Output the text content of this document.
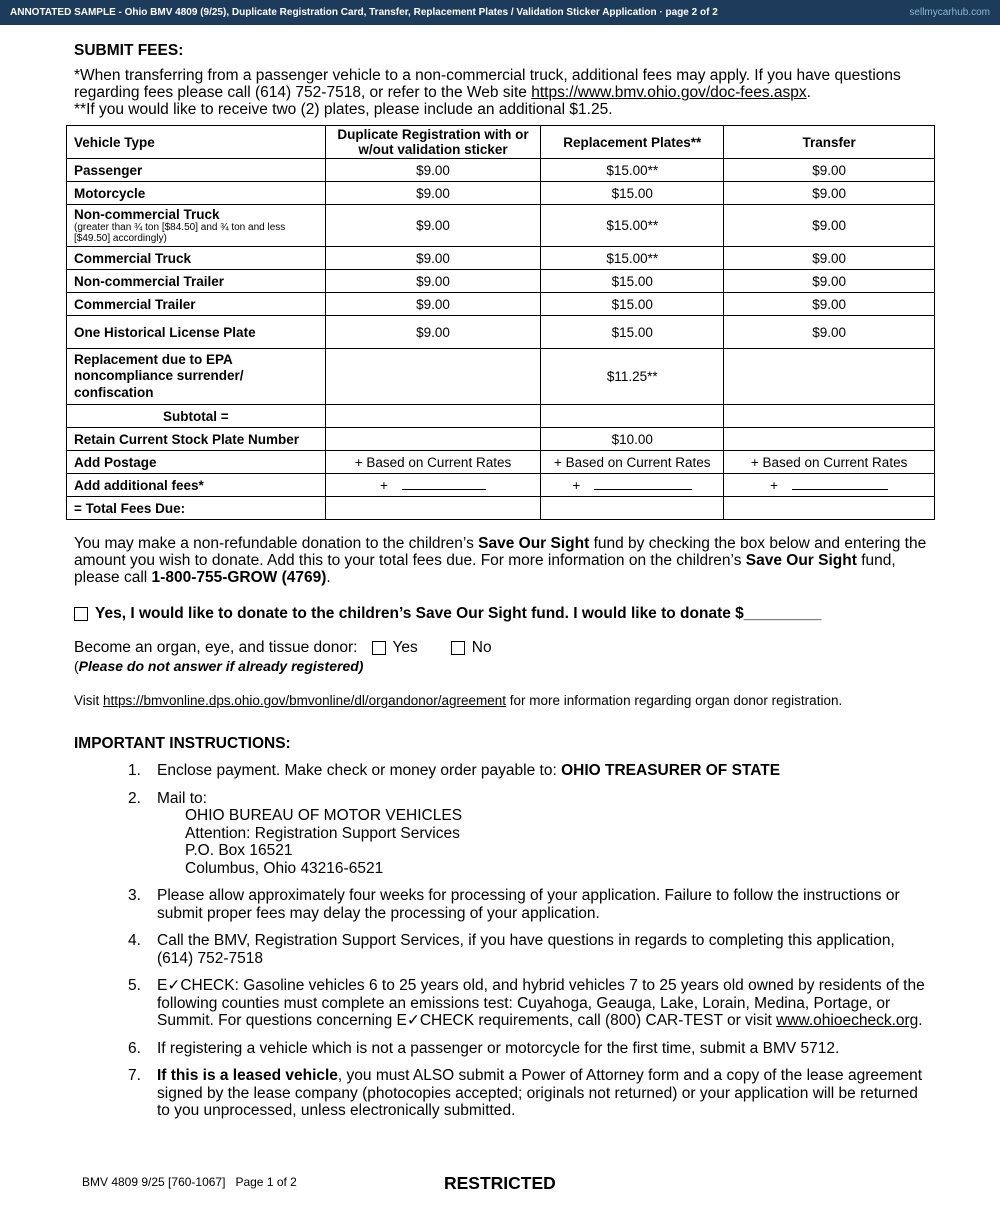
ANNOTATED SAMPLE - Ohio BMV 4809 (9/25), Duplicate Registration Card, Transfer, Replacement Plates / Validation Sticker Application · page 2 of 2	sellmycarhub.com
SUBMIT FEES:

*When transferring from a passenger vehicle to a non-commercial truck, additional fees may apply. If you have questions regarding fees please call (614) 752-7518, or refer to the Web site https://www.bmv.ohio.gov/doc-fees.aspx.

**If you would like to receive two (2) plates, please include an additional $1.25.

Vehicle Type	Duplicate Registration with or w/out validation sticker	Replacement Plates**	Transfer
Passenger	$9.00	$15.00**	$9.00
Motorcycle	$9.00	$15.00	$9.00
Non-commercial Truck
(greater than ¾ ton [$84.50] and ¾ ton and less [$49.50] accordingly)	$9.00	$15.00**	$9.00
Commercial Truck	$9.00	$15.00**	$9.00
Non-commercial Trailer	$9.00	$15.00	$9.00
Commercial Trailer	$9.00	$15.00	$9.00
One Historical License Plate	$9.00	$15.00	$9.00
Replacement due to EPA noncompliance surrender/ confiscation		$11.25**	
Subtotal =			
Retain Current Stock Plate Number		$10.00	
Add Postage	+ Based on Current Rates	+ Based on Current Rates	+ Based on Current Rates
Add additional fees*	+	+	+
= Total Fees Due:			
You may make a non-refundable donation to the children’s Save Our Sight fund by checking the box below and entering the amount you wish to donate. Add this to your total fees due. For more information on the children’s Save Our Sight fund, please call 1-800-755-GROW (4769).
Yes, I would like to donate to the children’s Save Our Sight fund. I would like to donate $_________
Become an organ, eye, and tissue donor: Yes	No
(Please do not answer if already registered)
Visit https://bmvonline.dps.ohio.gov/bmvonline/dl/organdonor/agreement for more information regarding organ donor registration.
IMPORTANT INSTRUCTIONS:
1. Enclose payment. Make check or money order payable to: OHIO TREASURER OF STATE
2. Mail to:
OHIO BUREAU OF MOTOR VEHICLES
Attention: Registration Support Services
P.O. Box 16521
Columbus, Ohio 43216-6521
3. Please allow approximately four weeks for processing of your application. Failure to follow the instructions or submit proper fees may delay the processing of your application.
4. Call the BMV, Registration Support Services, if you have questions in regards to completing this application, (614) 752-7518
5. E✓CHECK: Gasoline vehicles 6 to 25 years old, and hybrid vehicles 7 to 25 years old owned by residents of the following counties must complete an emissions test: Cuyahoga, Geauga, Lake, Lorain, Medina, Portage, or Summit. For questions concerning E✓CHECK requirements, call (800) CAR-TEST or visit www.ohioecheck.org.
6. If registering a vehicle which is not a passenger or motorcycle for the first time, submit a BMV 5712.
7. If this is a leased vehicle, you must ALSO submit a Power of Attorney form and a copy of the lease agreement signed by the lease company (photocopies accepted; originals not returned) or your application will be returned to you unprocessed, unless electronically submitted.
BMV 4809 9/25 [760-1067] Page 1 of 2	RESTRICTED
